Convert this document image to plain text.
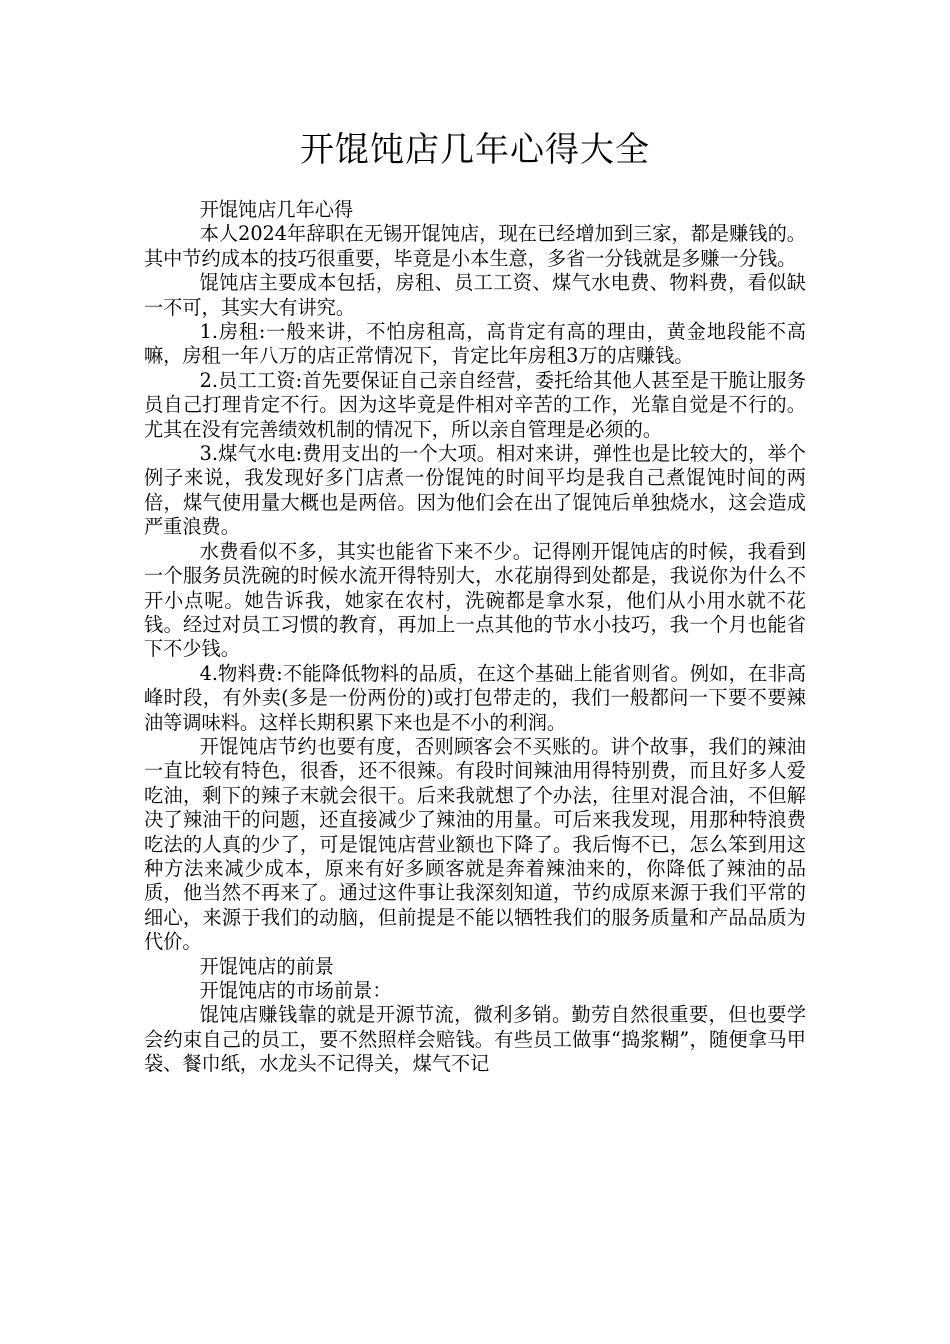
开馄饨店几年心得大全

开馄饨店几年心得

本人2024年辞职在无锡开馄饨店，现在已经增加到三家，都是赚钱的。其中节约成本的技巧很重要，毕竟是小本生意，多省一分钱就是多赚一分钱。

馄饨店主要成本包括，房租、员工工资、煤气水电费、物料费，看似缺一不可，其实大有讲究。

1.房租:一般来讲，不怕房租高，高肯定有高的理由，黄金地段能不高嘛，房租一年八万的店正常情况下，肯定比年房租3万的店赚钱。

2.员工工资:首先要保证自己亲自经营，委托给其他人甚至是干脆让服务员自己打理肯定不行。因为这毕竟是件相对辛苦的工作，光靠自觉是不行的。尤其在没有完善绩效机制的情况下，所以亲自管理是必须的。

3.煤气水电:费用支出的一个大项。相对来讲，弹性也是比较大的，举个例子来说，我发现好多门店煮一份馄饨的时间平均是我自己煮馄饨时间的两倍，煤气使用量大概也是两倍。因为他们会在出了馄饨后单独烧水，这会造成严重浪费。

水费看似不多，其实也能省下来不少。记得刚开馄饨店的时候，我看到一个服务员洗碗的时候水流开得特别大，水花崩得到处都是，我说你为什么不开小点呢。她告诉我，她家在农村，洗碗都是拿水泵，他们从小用水就不花钱。经过对员工习惯的教育，再加上一点其他的节水小技巧，我一个月也能省下不少钱。

4.物料费:不能降低物料的品质，在这个基础上能省则省。例如，在非高峰时段，有外卖(多是一份两份的)或打包带走的，我们一般都问一下要不要辣油等调味料。这样长期积累下来也是不小的利润。

开馄饨店节约也要有度，否则顾客会不买账的。讲个故事，我们的辣油一直比较有特色，很香，还不很辣。有段时间辣油用得特别费，而且好多人爱吃油，剩下的辣子末就会很干。后来我就想了个办法，往里对混合油，不但解决了辣油干的问题，还直接减少了辣油的用量。可后来我发现，用那种特浪费吃法的人真的少了，可是馄饨店营业额也下降了。我后悔不已，怎么笨到用这种方法来减少成本，原来有好多顾客就是奔着辣油来的，你降低了辣油的品质，他当然不再来了。通过这件事让我深刻知道，节约成原来源于我们平常的细心，来源于我们的动脑，但前提是不能以牺牲我们的服务质量和产品品质为代价。

开馄饨店的前景

开馄饨店的市场前景：

馄饨店赚钱靠的就是开源节流，微利多销。勤劳自然很重要，但也要学会约束自己的员工，要不然照样会赔钱。有些员工做事“捣浆糊”，随便拿马甲袋、餐巾纸，水龙头不记得关，煤气不记
